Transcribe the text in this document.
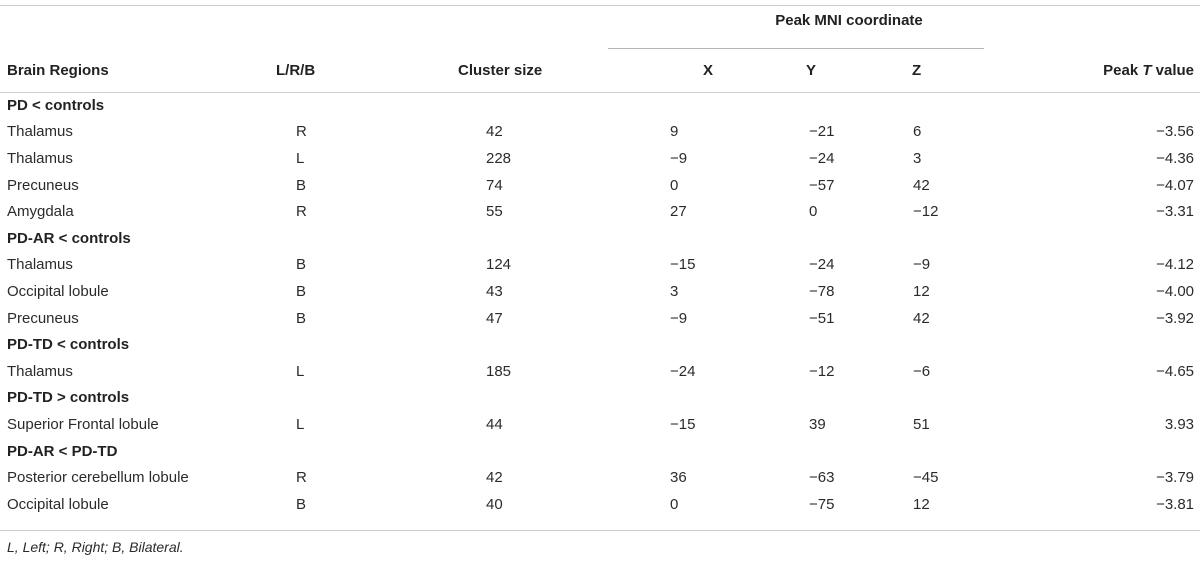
			Peak MNI coordinate			
Brain Regions	L/R/B	Cluster size	X	Y	Z	Peak T value
PD < controls						
Thalamus	R	42	9	−21	6	−3.56
Thalamus	L	228	−9	−24	3	−4.36
Precuneus	B	74	0	−57	42	−4.07
Amygdala	R	55	27	0	−12	−3.31
PD-AR < controls						
Thalamus	B	124	−15	−24	−9	−4.12
Occipital lobule	B	43	3	−78	12	−4.00
Precuneus	B	47	−9	−51	42	−3.92
PD-TD < controls						
Thalamus	L	185	−24	−12	−6	−4.65
PD-TD > controls						
Superior Frontal lobule	L	44	−15	39	51	3.93
PD-AR < PD-TD						
Posterior cerebellum lobule	R	42	36	−63	−45	−3.79
Occipital lobule	B	40	0	−75	12	−3.81
L, Left; R, Right; B, Bilateral.
